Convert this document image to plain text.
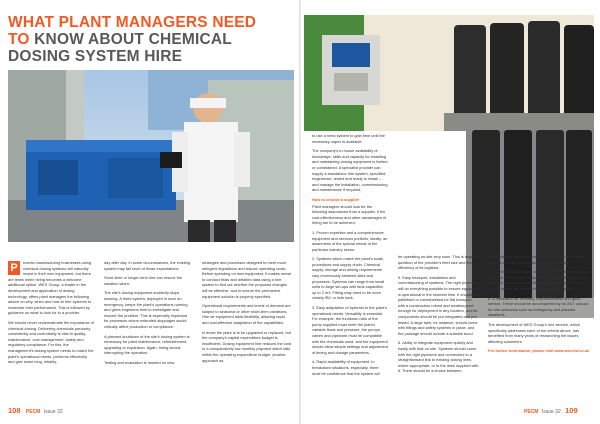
WHAT PLANT MANAGERS NEED
TO KNOW ABOUT CHEMICAL
DOSING SYSTEM HIRE
P	rocess manufacturing businesses using chemical dosing systems will naturally invest in their own equipment, but there are times when hiring becomes a welcome additional option. WES Group, a leader in the development and application of dosing technology, offers plant managers the following advice on why, when and how to hire systems to maximise their performance. This is followed by guidance on what to look for in a provider.

We should never underestimate the importance of chemical dosing. Delivering chemicals precisely, consistently and controllably is vital to quality, maintenance, cost management, safety and regulatory compliance. For this, the management's dosing system needs to match the plant's operational needs, performs effectively and give some long, reliably,

day after day. In some circumstances, the existing system may fall short of those expectations.

Short-term or longer-term hire can rescue the situation when:

The site's dosing equipment suddenly stops working. A hired system, deployed in such an emergency, keeps the plant's operations running and gives engineers time to investigate and resolve the problem. This is especially important for processes where extended stoppages would critically affect production or compliance.

A planned shutdown of the site's dosing system is necessary for plant maintenance, refurbishment, upgrading or expansion. Again, hiring avoids interrupting the operation.

Testing and evaluation is needed on new

strategies and processes designed to meet more stringent regulations and reduce operating costs. Before spending on new equipment, it makes sense to conduct trials and detailed data using a hire system to find out whether the proposed changes will be effective, and to secure the permanent equipment solution is properly specified.

Operational requirements and levels of demand are subject to seasonal or other short-term variations. Hire de equipment adds flexibility, allowing rapid and cost-effective adaptation of the capabilities.

In times the plant is to be upgraded or replaced, but the company's capital expenditure budget is insufficient. Dosing equipment hire reduces the cost to a comparatively low monthly payment which falls within the operating expenditure budget. Another approach as

to use a hired system to gain time until the necessary capex is available.

The company's in-house availability of knowledge, skills and capacity for installing and maintaining dosing equipment is limited or constrained. A specialist provider can supply a standalone hire system, specified, engineered, tested and ready to install – and manage the installation, commissioning and maintenance if required.

How to choose a supplier

Plant managers should look for the following assurances from a supplier, if the cost-effectiveness and other advantages of hiring are to be achieved:

1. Proven expertise and a comprehensive equipment and services portfolio, ideally, an awareness of the special needs of the particular industry sector.

2. Systems which match the plant's scale, procedures and supply chain. Chemical supply, storage and dosing requirements vary enormously between sites and processes. Systems can range from small units to large set-ups with tank capacities up to 2 m3. Fitting may need to be more closely IBC or bulk tank.

3. Easy adaptation of systems to the plant's operational needs. Versatility is essential. For example, the turndown ratio of the pump supplied must meet the plant's variable flows and pressure, the pumps, valves and pipework must be compatible with the chemicals used, and the equipment should allow simple settings and adjustment of timing and dosage parameters.

4. Rapid availability of equipment. In breakdown situations, especially, there must be confidence that the system will

be operating on-site very soon. This is largely a question of the provider's fleet size and the efficiency of its logistics.

5. Easy transport, installation and commissioning of systems. The right provider will do everything possible to ensure equipment is operational in the shortest time. It should be palletised or containerised for flat transport, with a construction robust and weatherproof enough for deployment in any location, and its components should be pre-integrated and pre-tested. A large tank, for instance, should come with fillings and safety systems in place, and the package should include a suitable bund.

6. Ability to integrate equipment quickly and easily with that on site. Systems should come with the right pipework and connectors to a straightforward link to existing dosing lines, where appropriate, or to the lines supplied with it. There should be a choice between

independently operating controls and linkage to existing sensors and control or remote control systems.

7. Expert and dependable advice. Unless there is sufficient in-house knowledge of exactly what system is required, as well how to install and maintain it, the manager must be able to trust in the provider's advice and support.

8. A reputation for flexibility, responsiveness and good service. These should be accompanied by an 24/7 call-out for hire scenarios such as emergency and planned situations.

The development of WES Group's hire service, which specifically addresses each of the criteria above, has benefited from many years of researching the issues affecting customers.

For further information, please visit www.wes-ltd.co.uk

108 PECM Issue 32	PECM Issue 32 109
